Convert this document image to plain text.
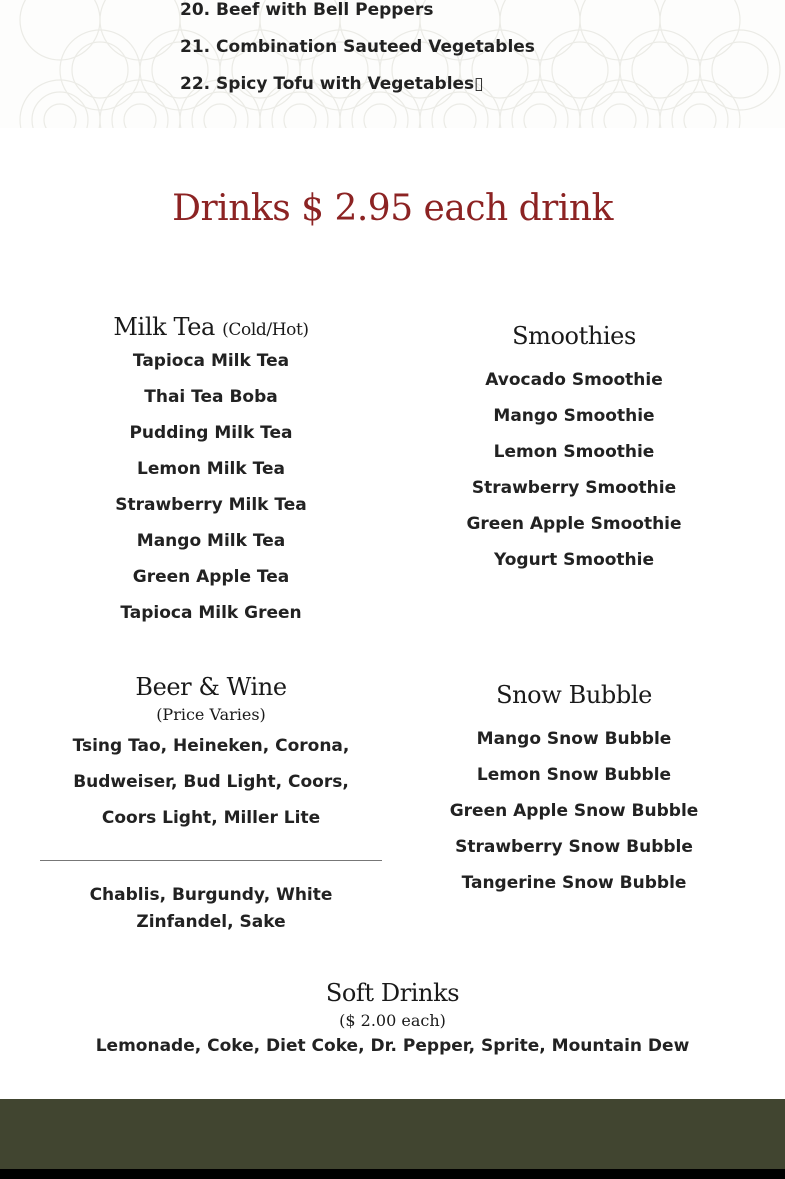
20. Beef with Bell Peppers
21. Combination Sauteed Vegetables
22. Spicy Tofu with Vegetables▯
Drinks $ 2.95 each drink
Milk Tea (Cold/Hot)
Tapioca Milk Tea
Thai Tea Boba
Pudding Milk Tea
Lemon Milk Tea
Strawberry Milk Tea
Mango Milk Tea
Green Apple Tea
Tapioca Milk Green
Smoothies
Avocado Smoothie
Mango Smoothie
Lemon Smoothie
Strawberry Smoothie
Green Apple Smoothie
Yogurt Smoothie
Beer & Wine
(Price Varies)
Tsing Tao, Heineken, Corona, Budweiser, Bud Light, Coors, Coors Light, Miller Lite
Chablis, Burgundy, White Zinfandel, Sake
Snow Bubble
Mango Snow Bubble
Lemon Snow Bubble
Green Apple Snow Bubble
Strawberry Snow Bubble
Tangerine Snow Bubble
Soft Drinks
($ 2.00 each)
Lemonade, Coke, Diet Coke, Dr. Pepper, Sprite, Mountain Dew
